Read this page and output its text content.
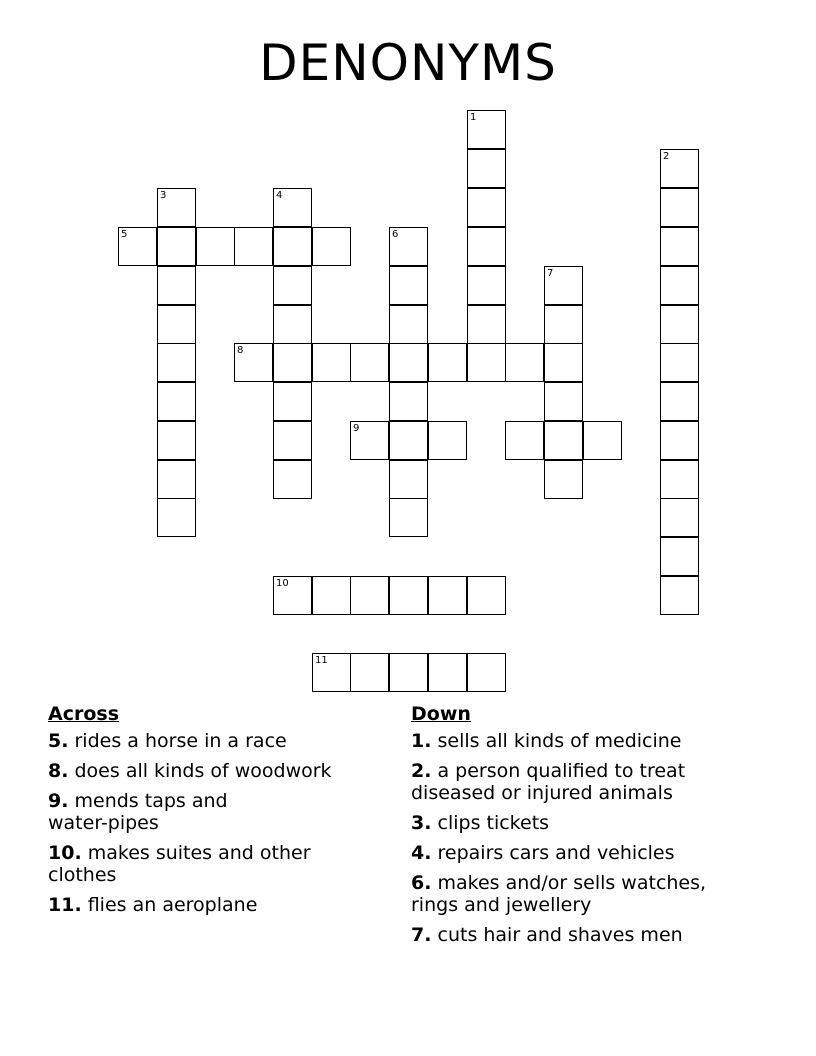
DENONYMS
1
2
3	4
5	6
7
8
9
10
11
Across
5. rides a horse in a race
8. does all kinds of woodwork
9. mends taps and water-pipes
10. makes suites and other clothes
11. flies an aeroplane
Down
1. sells all kinds of medicine
2. a person qualified to treat diseased or injured animals
3. clips tickets
4. repairs cars and vehicles
6. makes and/or sells watches, rings and jewellery
7. cuts hair and shaves men
